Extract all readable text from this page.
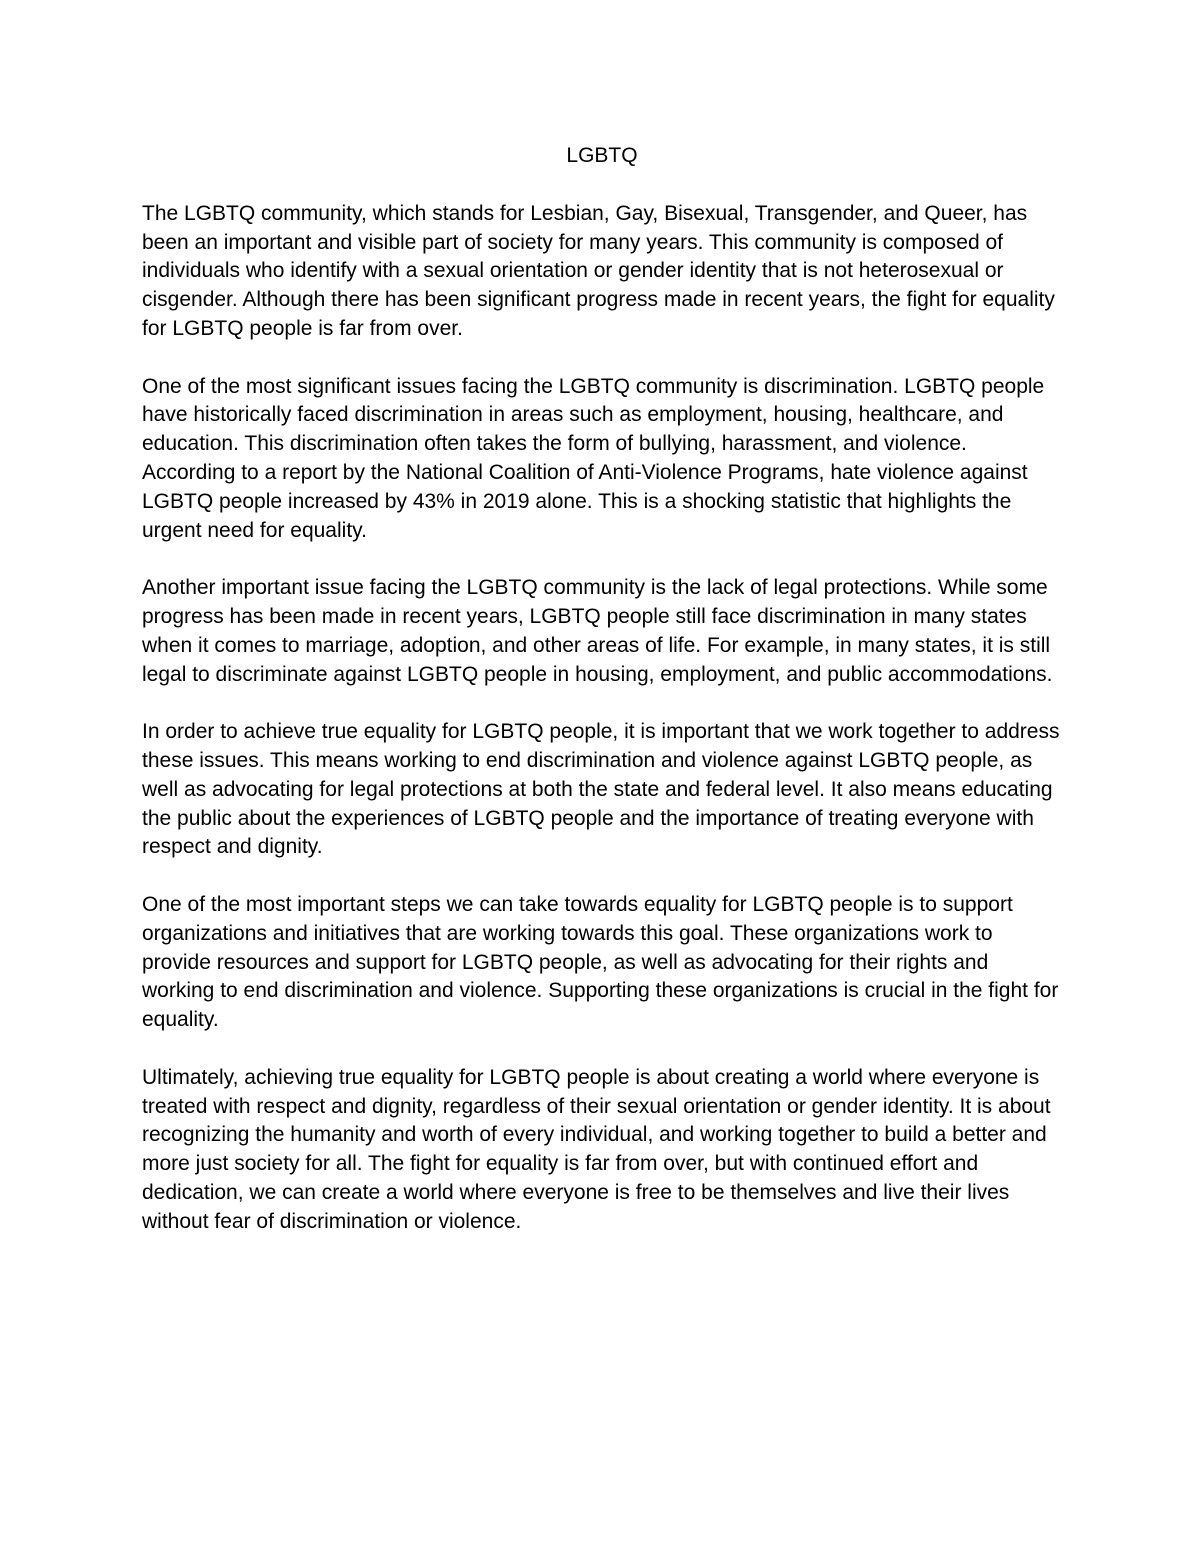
LGBTQ

The LGBTQ community, which stands for Lesbian, Gay, Bisexual, Transgender, and Queer, has been an important and visible part of society for many years. This community is composed of individuals who identify with a sexual orientation or gender identity that is not heterosexual or cisgender. Although there has been significant progress made in recent years, the fight for equality for LGBTQ people is far from over.

One of the most significant issues facing the LGBTQ community is discrimination. LGBTQ people have historically faced discrimination in areas such as employment, housing, healthcare, and education. This discrimination often takes the form of bullying, harassment, and violence. According to a report by the National Coalition of Anti-Violence Programs, hate violence against LGBTQ people increased by 43% in 2019 alone. This is a shocking statistic that highlights the urgent need for equality.

Another important issue facing the LGBTQ community is the lack of legal protections. While some progress has been made in recent years, LGBTQ people still face discrimination in many states when it comes to marriage, adoption, and other areas of life. For example, in many states, it is still legal to discriminate against LGBTQ people in housing, employment, and public accommodations.

In order to achieve true equality for LGBTQ people, it is important that we work together to address these issues. This means working to end discrimination and violence against LGBTQ people, as well as advocating for legal protections at both the state and federal level. It also means educating the public about the experiences of LGBTQ people and the importance of treating everyone with respect and dignity.

One of the most important steps we can take towards equality for LGBTQ people is to support organizations and initiatives that are working towards this goal. These organizations work to provide resources and support for LGBTQ people, as well as advocating for their rights and working to end discrimination and violence. Supporting these organizations is crucial in the fight for equality.

Ultimately, achieving true equality for LGBTQ people is about creating a world where everyone is treated with respect and dignity, regardless of their sexual orientation or gender identity. It is about recognizing the humanity and worth of every individual, and working together to build a better and more just society for all. The fight for equality is far from over, but with continued effort and dedication, we can create a world where everyone is free to be themselves and live their lives without fear of discrimination or violence.
